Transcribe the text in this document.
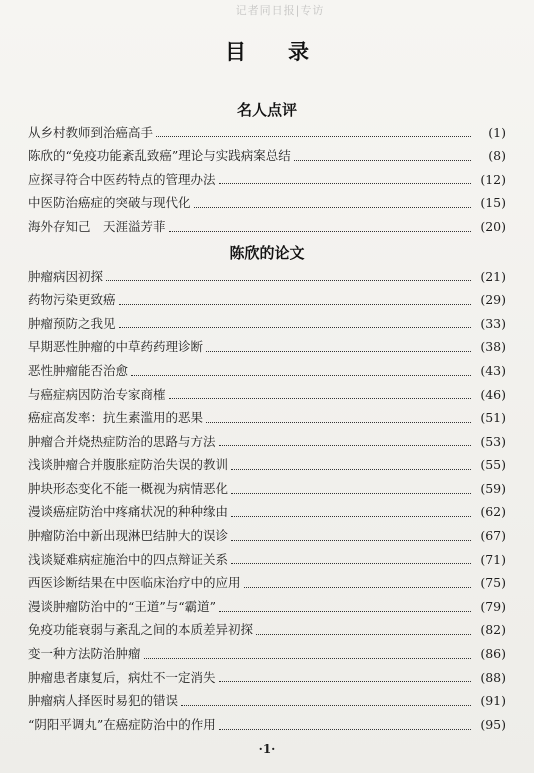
记者同日报|专访
目 录
名人点评
从乡村教师到治癌高手	(1)
陈欣的“免疫功能紊乱致癌”理论与实践病案总结	(8)
应探寻符合中医药特点的管理办法	(12)
中医防治癌症的突破与现代化	(15)
海外存知己　天涯溢芳菲	(20)
陈欣的论文
肿瘤病因初探	(21)
药物污染更致癌	(29)
肿瘤预防之我见	(33)
早期恶性肿瘤的中草药药理诊断	(38)
恶性肿瘤能否治愈	(43)
与癌症病因防治专家商榷	(46)
癌症高发率：抗生素滥用的恶果	(51)
肿瘤合并烧热症防治的思路与方法	(53)
浅谈肿瘤合并腹胀症防治失误的教训	(55)
肿块形态变化不能一概视为病情恶化	(59)
漫谈癌症防治中疼痛状况的种种缘由	(62)
肿瘤防治中新出现淋巴结肿大的误诊	(67)
浅谈疑难病症施治中的四点辩证关系	(71)
西医诊断结果在中医临床治疗中的应用	(75)
漫谈肿瘤防治中的“王道”与“霸道”	(79)
免疫功能衰弱与紊乱之间的本质差异初探	(82)
变一种方法防治肿瘤	(86)
肿瘤患者康复后，病灶不一定消失	(88)
肿瘤病人择医时易犯的错误	(91)
“阴阳平调丸”在癌症防治中的作用	(95)
·1·
